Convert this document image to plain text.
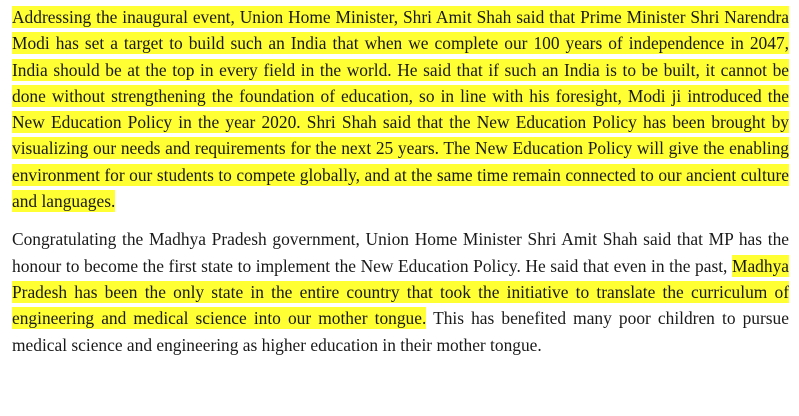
Addressing the inaugural event, Union Home Minister, Shri Amit Shah said that Prime Minister Shri Narendra Modi has set a target to build such an India that when we complete our 100 years of independence in 2047, India should be at the top in every field in the world. He said that if such an India is to be built, it cannot be done without strengthening the foundation of education, so in line with his foresight, Modi ji introduced the New Education Policy in the year 2020. Shri Shah said that the New Education Policy has been brought by visualizing our needs and requirements for the next 25 years. The New Education Policy will give the enabling environment for our students to compete globally, and at the same time remain connected to our ancient culture and languages.

Congratulating the Madhya Pradesh government, Union Home Minister Shri Amit Shah said that MP has the honour to become the first state to implement the New Education Policy. He said that even in the past, Madhya Pradesh has been the only state in the entire country that took the initiative to translate the curriculum of engineering and medical science into our mother tongue. This has benefited many poor children to pursue medical science and engineering as higher education in their mother tongue.
